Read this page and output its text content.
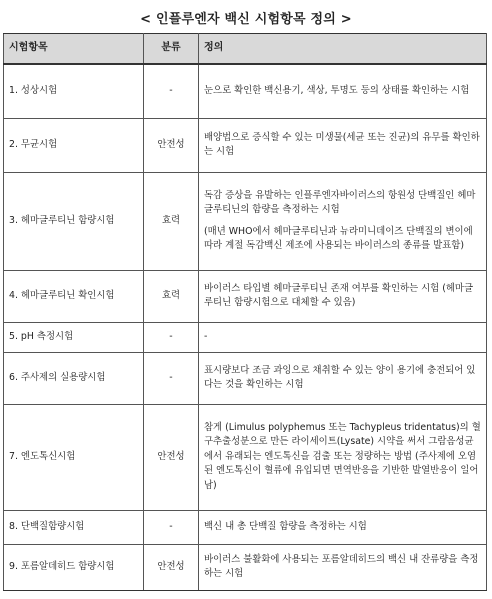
< 인플루엔자 백신 시험항목 정의 >
시험항목	분류	정의
1. 성상시험	-	눈으로 확인한 백신용기, 색상, 투명도 등의 상태를 확인하는 시험

2. 무균시험	안전성	배양법으로 증식할 수 있는 미생물(세균 또는 진균)의 유무를 확인하는 시험

3. 헤마글루티닌 함량시험	효력	독감 증상을 유발하는 인플루엔자바이러스의 항원성 단백질인 헤마글루티닌의 함량을 측정하는 시험
(매년 WHO에서 헤마글루티닌과 뉴라미니데이즈 단백질의 변이에 따라 계절 독감백신 제조에 사용되는 바이러스의 종류를 발표함)

4. 헤마글루티닌 확인시험	효력	바이러스 타입별 헤마글루티닌 존재 여부를 확인하는 시험 (헤마글루티닌 함량시험으로 대체할 수 있음)

5. pH 측정시험	-	-

6. 주사제의 실용량시험	-	표시량보다 조금 과잉으로 채취할 수 있는 양이 용기에 충전되어 있다는 것을 확인하는 시험

7. 엔도톡신시험	안전성	참게 (Limulus polyphemus 또는 Tachypleus tridentatus)의 혈구추출성분으로 만든 라이세이트(Lysate) 시약을 써서 그람음성균에서 유래되는 엔도톡신을 검출 또는 정량하는 방법 (주사제에 오염된 엔도톡신이 혈류에 유입되면 면역반응을 기반한 발열반응이 일어남)

8. 단백질함량시험	-	백신 내 총 단백질 함량을 측정하는 시험

9. 포름알데히드 함량시험	안전성	바이러스 불활화에 사용되는 포름알데히드의 백신 내 잔류량을 측정하는 시험
